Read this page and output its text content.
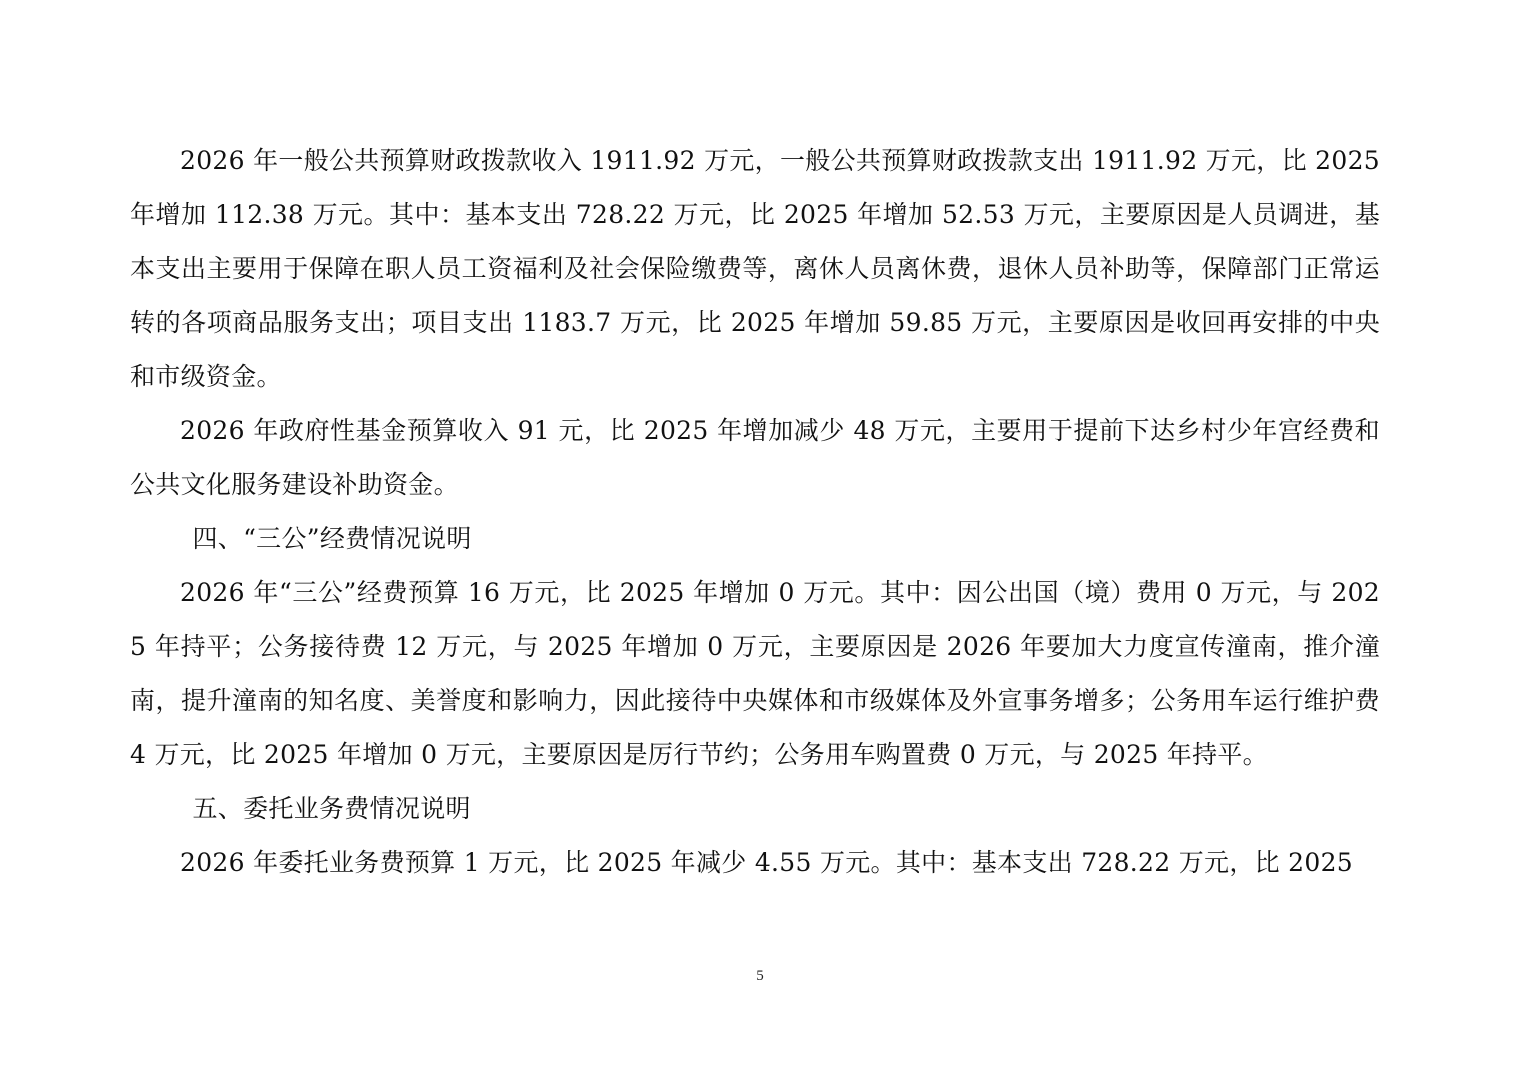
2026 年一般公共预算财政拨款收入 1911.92 万元，一般公共预算财政拨款支出 1911.92 万元，比 2025 年增加 112.38 万元。其中：基本支出 728.22 万元，比 2025 年增加 52.53 万元，主要原因是人员调进，基本支出主要用于保障在职人员工资福利及社会保险缴费等，离休人员离休费，退休人员补助等，保障部门正常运转的各项商品服务支出；项目支出 1183.7 万元，比 2025 年增加 59.85 万元，主要原因是收回再安排的中央和市级资金。

2026 年政府性基金预算收入 91 元，比 2025 年增加减少 48 万元，主要用于提前下达乡村少年宫经费和公共文化服务建设补助资金。

四、“三公”经费情况说明

2026 年“三公”经费预算 16 万元，比 2025 年增加 0 万元。其中：因公出国（境）费用 0 万元，与 2025 年持平；公务接待费 12 万元，与 2025 年增加 0 万元，主要原因是 2026 年要加大力度宣传潼南，推介潼南，提升潼南的知名度、美誉度和影响力，因此接待中央媒体和市级媒体及外宣事务增多；公务用车运行维护费 4 万元，比 2025 年增加 0 万元，主要原因是厉行节约；公务用车购置费 0 万元，与 2025 年持平。

五、委托业务费情况说明

2026 年委托业务费预算 1 万元，比 2025 年减少 4.55 万元。其中：基本支出 728.22 万元，比 2025

5
